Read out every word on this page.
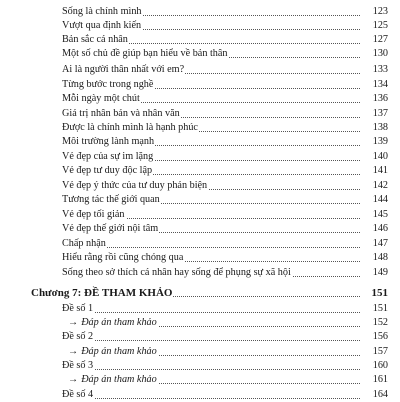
Sống là chính mình	123
Vượt qua định kiến	125
Bản sắc cá nhân	127
Một số chủ đề giúp bạn hiểu về bản thân	130
Ai là người thân nhất với em?	133
Từng bước trong nghề	134
Mỗi ngày một chút	136
Giá trị nhân bản và nhân văn	137
Được là chính mình là hạnh phúc	138
Môi trường lành mạnh	139
Vẻ đẹp của sự im lặng	140
Vẻ đẹp tư duy độc lập	141
Vẻ đẹp ý thức của tư duy phản biện	142
Tương tác thế giới quan	144
Vẻ đẹp tối giản	145
Vẻ đẹp thế giới nội tâm	146
Chấp nhận	147
Hiểu rằng rồi cũng chóng qua	148
Sống theo sở thích cá nhân hay sống để phụng sự xã hội	149
Chương 7: ĐỀ THAM KHẢO	151
Đề số 1	151
→ Đáp án tham khảo	152
Đề số 2	156
→ Đáp án tham khảo	157
Đề số 3	160
→ Đáp án tham khảo	161
Đề số 4	164
